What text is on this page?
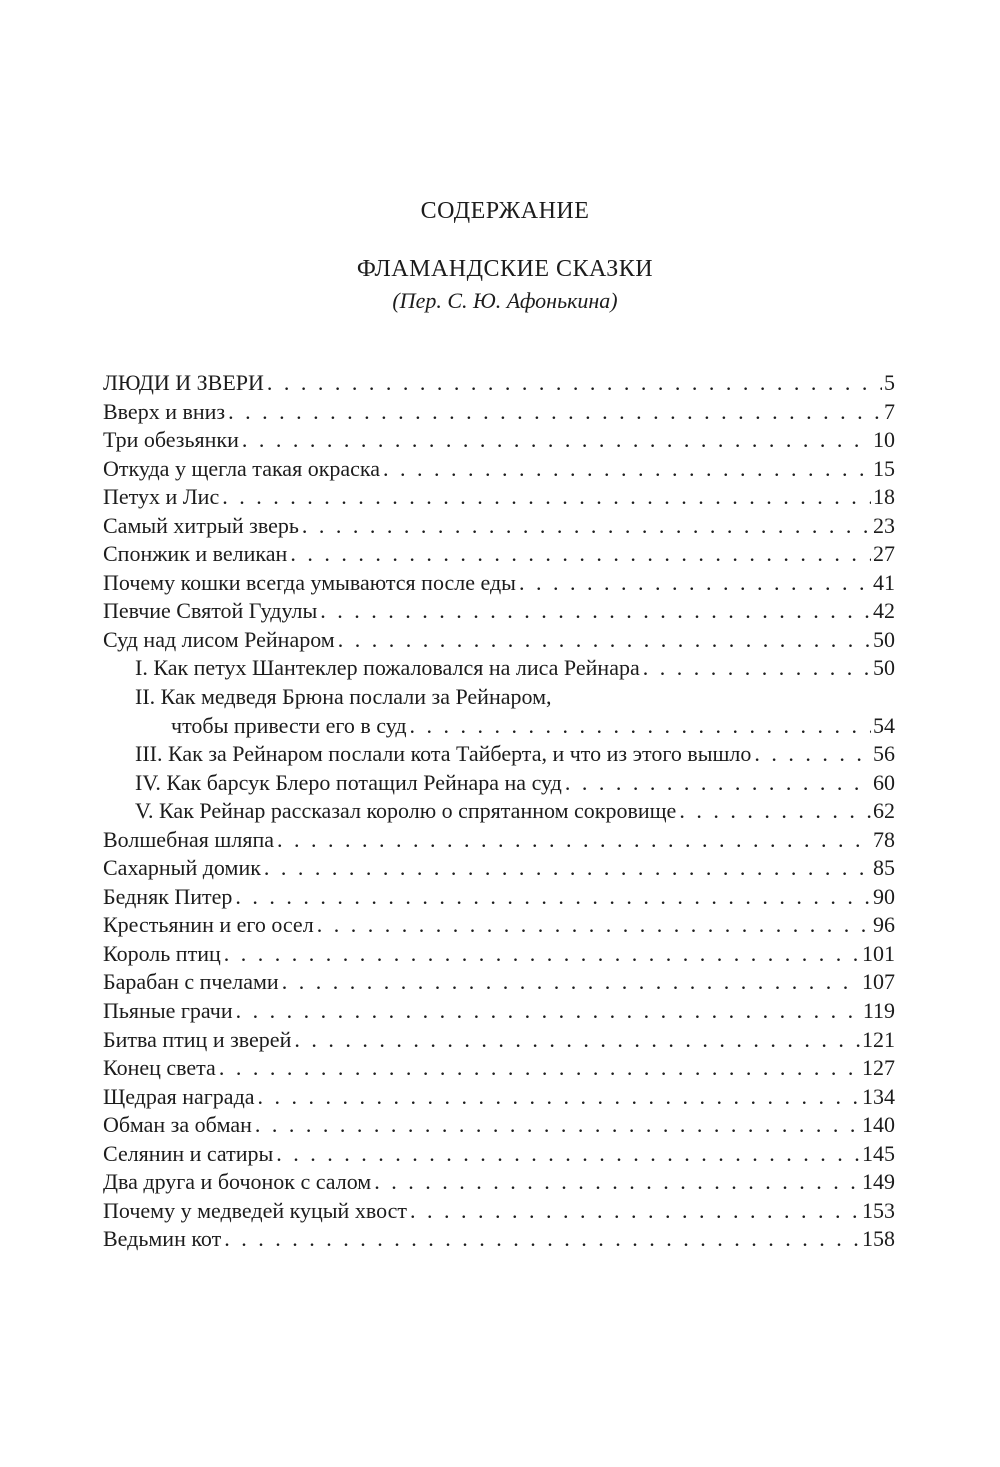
СОДЕРЖАНИЕ
ФЛАМАНДСКИЕ СКАЗКИ
(Пер. С. Ю. Афонькина)
ЛЮДИ И ЗВЕРИ . . .	5
Вверх и вниз . . .	7
Три обезьянки . . .	10
Откуда у щегла такая окраска . . .	15
Петух и Лис . . .	18
Самый хитрый зверь . . .	23
Спонжик и великан . . .	27
Почему кошки всегда умываются после еды . . .	41
Певчие Святой Гудулы . . .	42
Суд над лисом Рейнаром . . .	50
I. Как петух Шантеклер пожаловался на лиса Рейнара . . .	50
II. Как медведя Брюна послали за Рейнаром,
чтобы привести его в суд . . .	54
III. Как за Рейнаром послали кота Тайберта, и что из этого вышло . . .	56
IV. Как барсук Блеро потащил Рейнара на суд . . .	60
V. Как Рейнар рассказал королю о спрятанном сокровище . . .	62
Волшебная шляпа . . .	78
Сахарный домик . . .	85
Бедняк Питер . . .	90
Крестьянин и его осел . . .	96
Король птиц . . .	101
Барабан с пчелами . . .	107
Пьяные грачи . . .	119
Битва птиц и зверей . . .	121
Конец света . . .	127
Щедрая награда . . .	134
Обман за обман . . .	140
Селянин и сатиры . . .	145
Два друга и бочонок с салом . . .	149
Почему у медведей куцый хвост . . .	153
Ведьмин кот . . .	158
